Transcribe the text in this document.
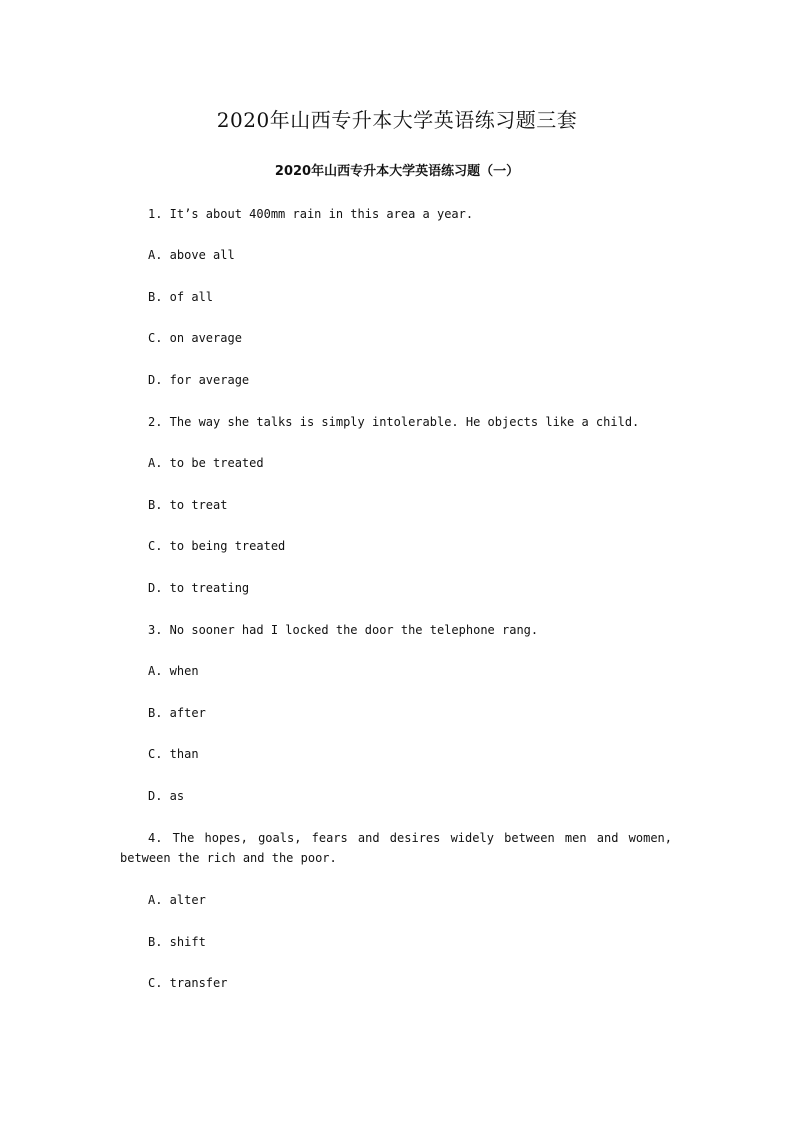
2020年山西专升本大学英语练习题三套
2020年山西专升本大学英语练习题（一）
1. It’s about 400mm rain in this area a year.
A. above all
B. of all
C. on average
D. for average
2. The way she talks is simply intolerable. He objects like a child.
A. to be treated
B. to treat
C. to being treated
D. to treating
3. No sooner had I locked the door the telephone rang.
A. when
B. after
C. than
D. as
4. The hopes, goals, fears and desires widely between men and women, between the rich and the poor.
A. alter
B. shift
C. transfer
